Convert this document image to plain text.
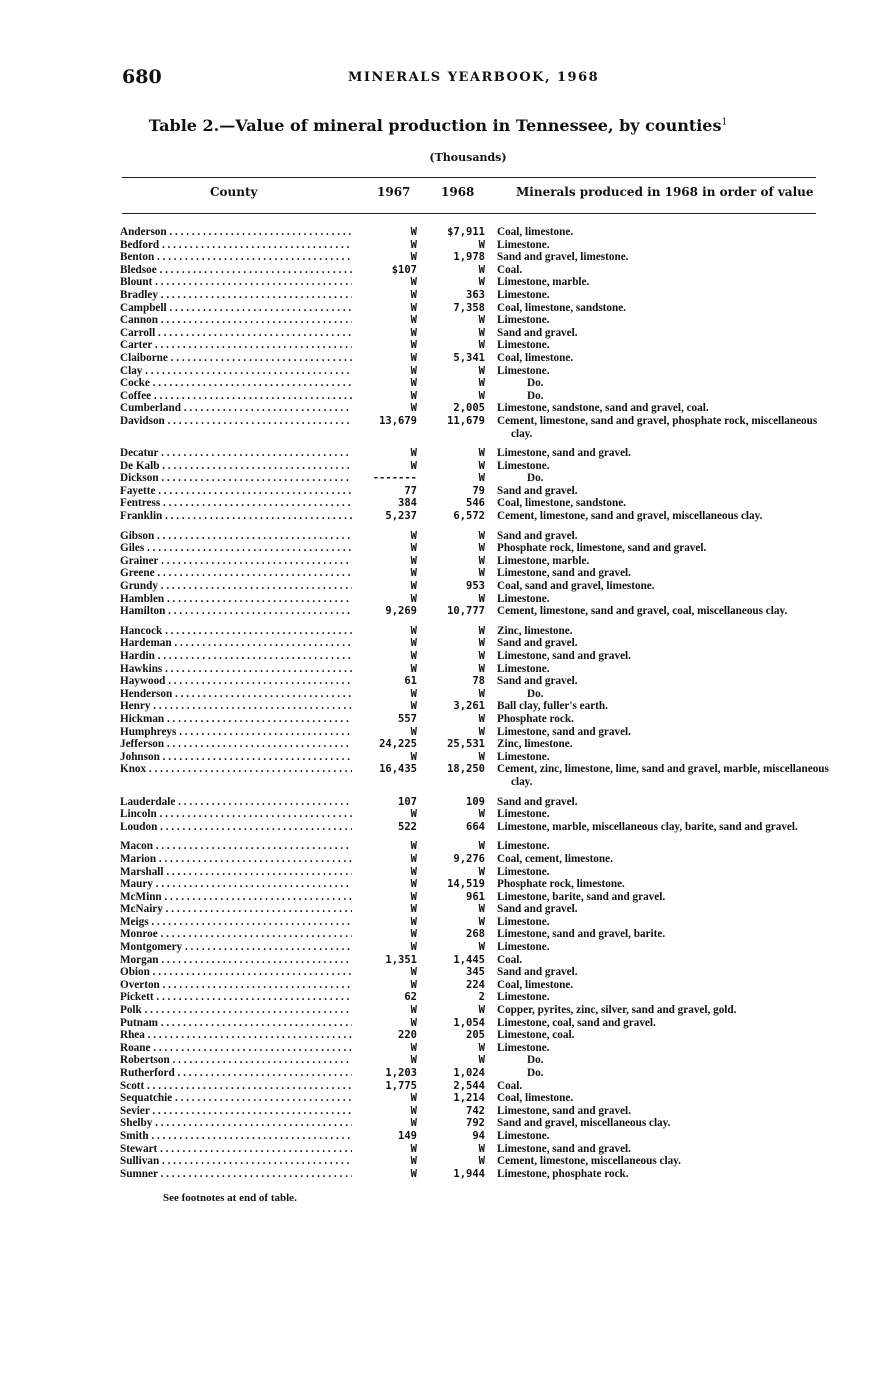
680	MINERALS YEARBOOK, 1968
Table 2.—Value of mineral production in Tennessee, by counties$^1$
(Thousands)
County	1967	1968	Minerals produced in 1968 in order of value
Anderson . . .	W	$7,911 Coal, limestone.
Bedford . . .	W	W Limestone.
Benton . . .	W	1,978 Sand and gravel, limestone.
Bledsoe . . .	$107	W Coal.
Blount . . .	W	W Limestone, marble.
Bradley . . .	W	363 Limestone.
Campbell . . .	W	7,358 Coal, limestone, sandstone.
Cannon . . .	W	W Limestone.
Carroll . . .	W	W Sand and gravel.
Carter . . .	W	W Limestone.
Claiborne . . .	W	5,341 Coal, limestone.
Clay . . .	W	W Limestone.
Cocke . . .	W	W	Do.
Coffee . . .	W	W	Do.
Cumberland . . .	W	2,005 Limestone, sandstone, sand and gravel, coal.
Davidson . . .	13,679	11,679 Cement, limestone, sand and gravel, phosphate rock, miscellaneous clay.
Decatur . . .	W	W Limestone, sand and gravel.
De Kalb . . .	W	W Limestone.
Dickson . . .	-------	W	Do.
Fayette . . .	77	79 Sand and gravel.
Fentress . . .	384	546 Coal, limestone, sandstone.
Franklin . . .	5,237	6,572 Cement, limestone, sand and gravel, miscellaneous clay.
Gibson . . .	W	W Sand and gravel.
Giles . . .	W	W Phosphate rock, limestone, sand and gravel.
Grainer . . .	W	W Limestone, marble.
Greene . . .	W	W Limestone, sand and gravel.
Grundy . . .	W	953 Coal, sand and gravel, limestone.
Hamblen . . .	W	W Limestone.
Hamilton . . .	9,269	10,777 Cement, limestone, sand and gravel, coal, miscellaneous clay.
Hancock . . .	W	W Zinc, limestone.
Hardeman . . .	W	W Sand and gravel.
Hardin . . .	W	W Limestone, sand and gravel.
Hawkins . . .	W	W Limestone.
Haywood . . .	61	78 Sand and gravel.
Henderson . . .	W	W	Do.
Henry . . .	W	3,261 Ball clay, fuller's earth.
Hickman . . .	557	W Phosphate rock.
Humphreys . . .	W	W Limestone, sand and gravel.
Jefferson . . .	24,225	25,531 Zinc, limestone.
Johnson . . .	W	W Limestone.
Knox . . .	16,435	18,250 Cement, zinc, limestone, lime, sand and gravel, marble, miscellaneous clay.
Lauderdale . . .	107	109 Sand and gravel.
Lincoln . . .	W	W Limestone.
Loudon . . .	522	664 Limestone, marble, miscellaneous clay, barite, sand and gravel.
Macon . . .	W	W Limestone.
Marion . . .	W	9,276 Coal, cement, limestone.
Marshall . . .	W	W Limestone.
Maury . . .	W	14,519 Phosphate rock, limestone.
McMinn . . .	W	961 Limestone, barite, sand and gravel.
McNairy . . .	W	W Sand and gravel.
Meigs . . .	W	W Limestone.
Monroe . . .	W	268 Limestone, sand and gravel, barite.
Montgomery . . .	W	W Limestone.
Morgan . . .	1,351	1,445 Coal.
Obion . . .	W	345 Sand and gravel.
Overton . . .	W	224 Coal, limestone.
Pickett . . .	62	2 Limestone.
Polk . . .	W	W Copper, pyrites, zinc, silver, sand and gravel, gold.
Putnam . . .	W	1,054 Limestone, coal, sand and gravel.
Rhea . . .	220	205 Limestone, coal.
Roane . . .	W	W Limestone.
Robertson . . .	W	W	Do.
Rutherford . . .	1,203	1,024	Do.
Scott . . .	1,775	2,544 Coal.
Sequatchie . . .	W	1,214 Coal, limestone.
Sevier . . .	W	742 Limestone, sand and gravel.
Shelby . . .	W	792 Sand and gravel, miscellaneous clay.
Smith . . .	149	94 Limestone.
Stewart . . .	W	W Limestone, sand and gravel.
Sullivan . . .	W	W Cement, limestone, miscellaneous clay.
Sumner . . .	W	1,944 Limestone, phosphate rock.
See footnotes at end of table.
